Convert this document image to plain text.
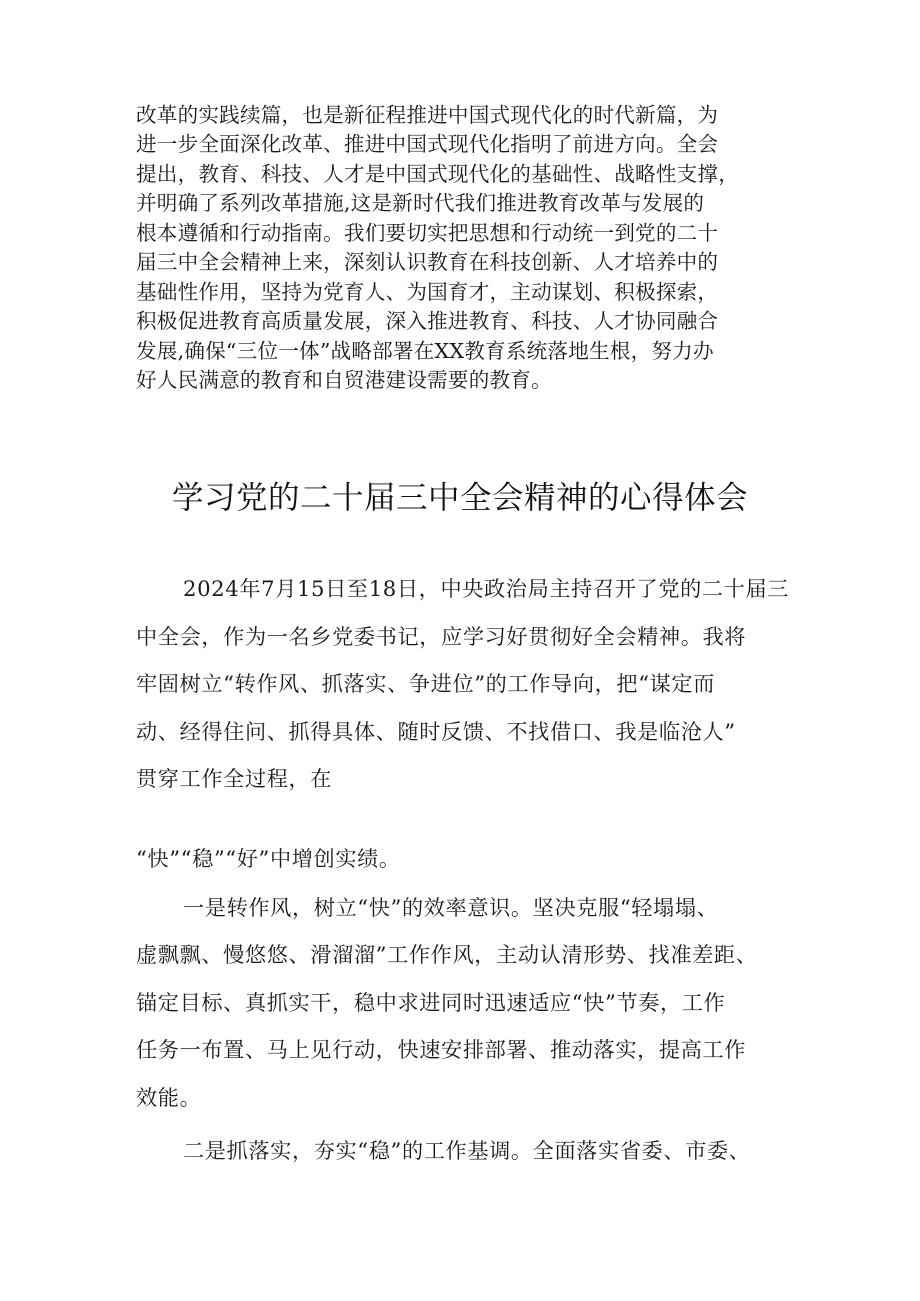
改革的实践续篇，也是新征程推进中国式现代化的时代新篇，为
进一步全面深化改革、推进中国式现代化指明了前进方向。全会
提出，教育、科技、人才是中国式现代化的基础性、战略性支撑，
并明确了系列改革措施,这是新时代我们推进教育改革与发展的
根本遵循和行动指南。我们要切实把思想和行动统一到党的二十
届三中全会精神上来，深刻认识教育在科技创新、人才培养中的
基础性作用，坚持为党育人、为国育才，主动谋划、积极探索，
积极促进教育高质量发展，深入推进教育、科技、人才协同融合
发展,确保“三位一体”战略部署在XX教育系统落地生根，努力办
好人民满意的教育和自贸港建设需要的教育。
学习党的二十届三中全会精神的心得体会
2024年7月15日至18日，中央政治局主持召开了党的二十届三
中全会，作为一名乡党委书记，应学习好贯彻好全会精神。我将
牢固树立“转作风、抓落实、争进位”的工作导向，把“谋定而
动、经得住问、抓得具体、随时反馈、不找借口、我是临沧人”
贯穿工作全过程，在
“快”“稳”“好”中增创实绩。
一是转作风，树立“快”的效率意识。坚决克服“轻塌塌、
虚飘飘、慢悠悠、滑溜溜”工作作风，主动认清形势、找准差距、
锚定目标、真抓实干，稳中求进同时迅速适应“快”节奏，工作
任务一布置、马上见行动，快速安排部署、推动落实，提高工作
效能。
二是抓落实，夯实“稳”的工作基调。全面落实省委、市委、
